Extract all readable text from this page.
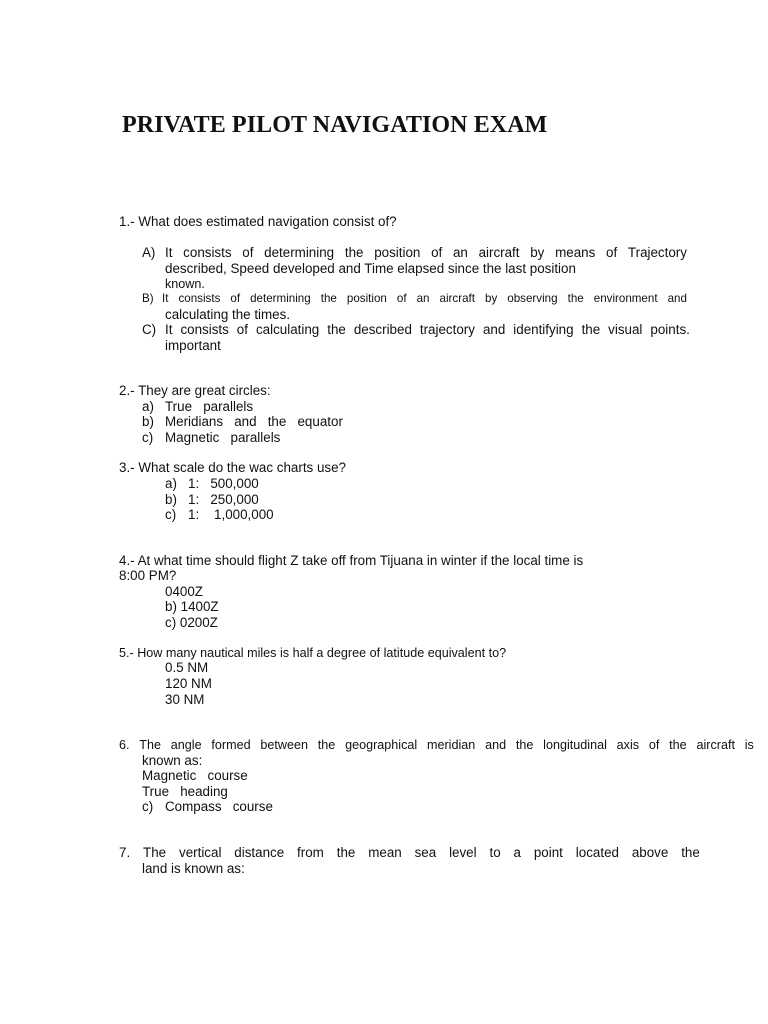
PRIVATE PILOT NAVIGATION EXAM
1.- What does estimated navigation consist of?
A) It consists of determining the position of an aircraft by means of Trajectory
described, Speed developed and Time elapsed since the last position
known.
B) It consists of determining the position of an aircraft by observing the environment and
calculating the times.
C) It consists of calculating the described trajectory and identifying the visual points.
important
2.- They are great circles:
a) True   parallels
b) Meridians   and   the   equator
c) Magnetic   parallels
3.- What scale do the wac charts use?
a) 1:   500,000
b) 1:   250,000
c) 1:    1,000,000
4.- At what time should flight Z take off from Tijuana in winter if the local time is
8:00 PM?
0400Z
b) 1400Z
c) 0200Z
5.- How many nautical miles is half a degree of latitude equivalent to?
0.5 NM
120 NM
30 NM
6. The angle formed between the geographical meridian and the longitudinal axis of the aircraft is
known as:
Magnetic   course
True   heading
c) Compass   course
7. The vertical distance from the mean sea level to a point located above the
land is known as:
